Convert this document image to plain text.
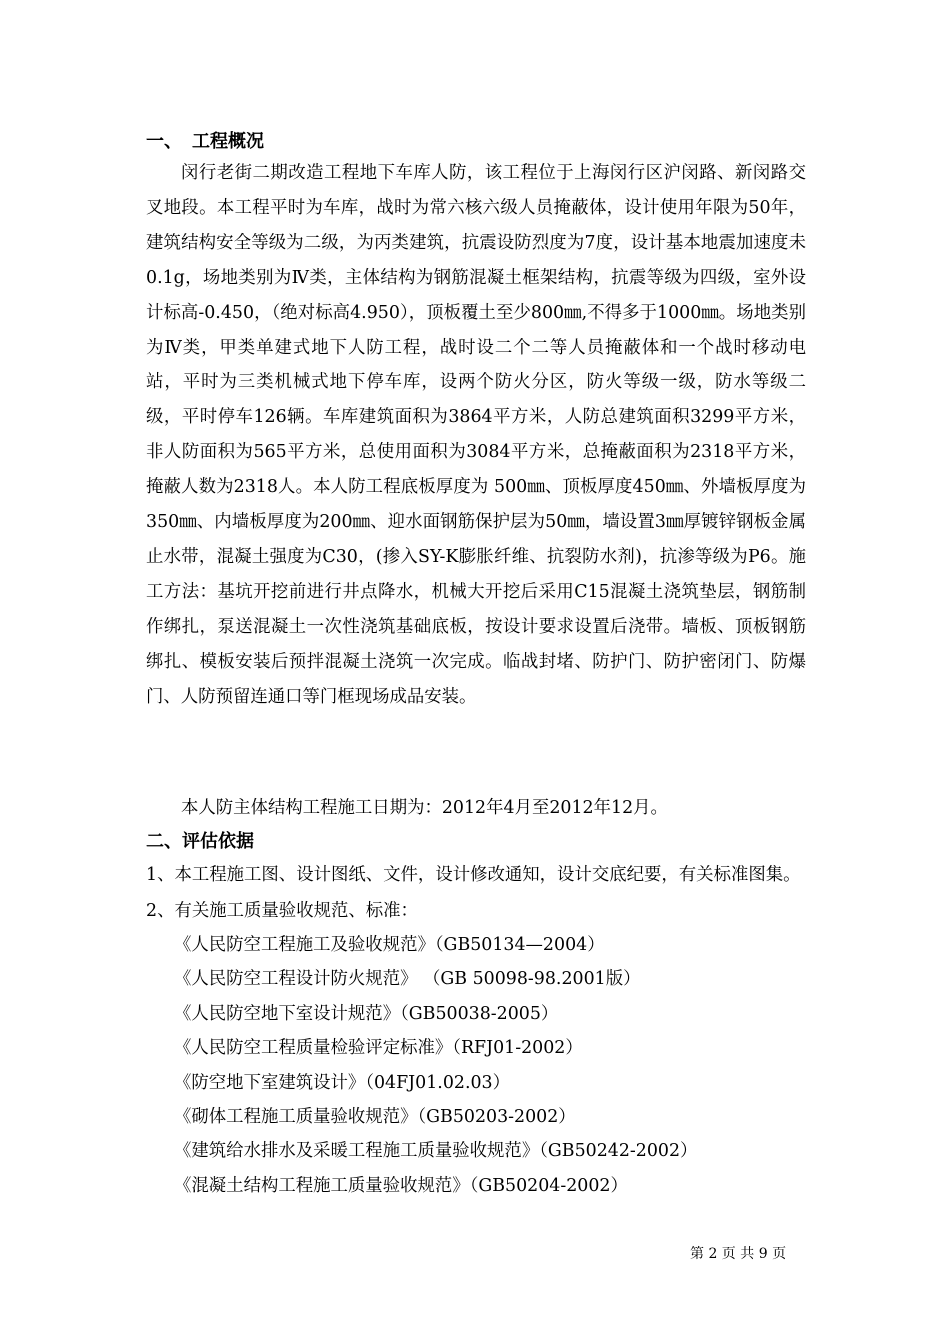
一、 工程概况
闵行老街二期改造工程地下车库人防，该工程位于上海闵行区沪闵路、新闵路交叉地段。本工程平时为车库，战时为常六核六级人员掩蔽体，设计使用年限为50年，建筑结构安全等级为二级，为丙类建筑，抗震设防烈度为7度，设计基本地震加速度未0.1g，场地类别为Ⅳ类，主体结构为钢筋混凝土框架结构，抗震等级为四级，室外设计标高-0.450，（绝对标高4.950），顶板覆土至少800㎜,不得多于1000㎜。场地类别为Ⅳ类，甲类单建式地下人防工程，战时设二个二等人员掩蔽体和一个战时移动电站，平时为三类机械式地下停车库，设两个防火分区，防火等级一级，防水等级二级，平时停车126辆。车库建筑面积为3864平方米，人防总建筑面积3299平方米，非人防面积为565平方米，总使用面积为3084平方米，总掩蔽面积为2318平方米，掩蔽人数为2318人。本人防工程底板厚度为 500㎜、顶板厚度450㎜、外墙板厚度为350㎜、内墙板厚度为200㎜、迎水面钢筋保护层为50㎜，墙设置3㎜厚镀锌钢板金属止水带，混凝土强度为C30，(掺入SY-K膨胀纤维、抗裂防水剂)，抗渗等级为P6。施工方法：基坑开挖前进行井点降水，机械大开挖后采用C15混凝土浇筑垫层，钢筋制作绑扎，泵送混凝土一次性浇筑基础底板，按设计要求设置后浇带。墙板、顶板钢筋绑扎、模板安装后预拌混凝土浇筑一次完成。临战封堵、防护门、防护密闭门、防爆门、人防预留连通口等门框现场成品安装。
本人防主体结构工程施工日期为：2012年4月至2012年12月。
二、评估依据
1、本工程施工图、设计图纸、文件，设计修改通知，设计交底纪要，有关标准图集。
2、有关施工质量验收规范、标准：
《人民防空工程施工及验收规范》（GB50134—2004）
《人民防空工程设计防火规范》 （GB 50098-98.2001版）
《人民防空地下室设计规范》（GB50038-2005）
《人民防空工程质量检验评定标准》（RFJ01-2002）
《防空地下室建筑设计》（04FJ01.02.03）
《砌体工程施工质量验收规范》（GB50203-2002）
《建筑给水排水及采暖工程施工质量验收规范》（GB50242-2002）
《混凝土结构工程施工质量验收规范》（GB50204-2002）
第 2 页 共 9 页
